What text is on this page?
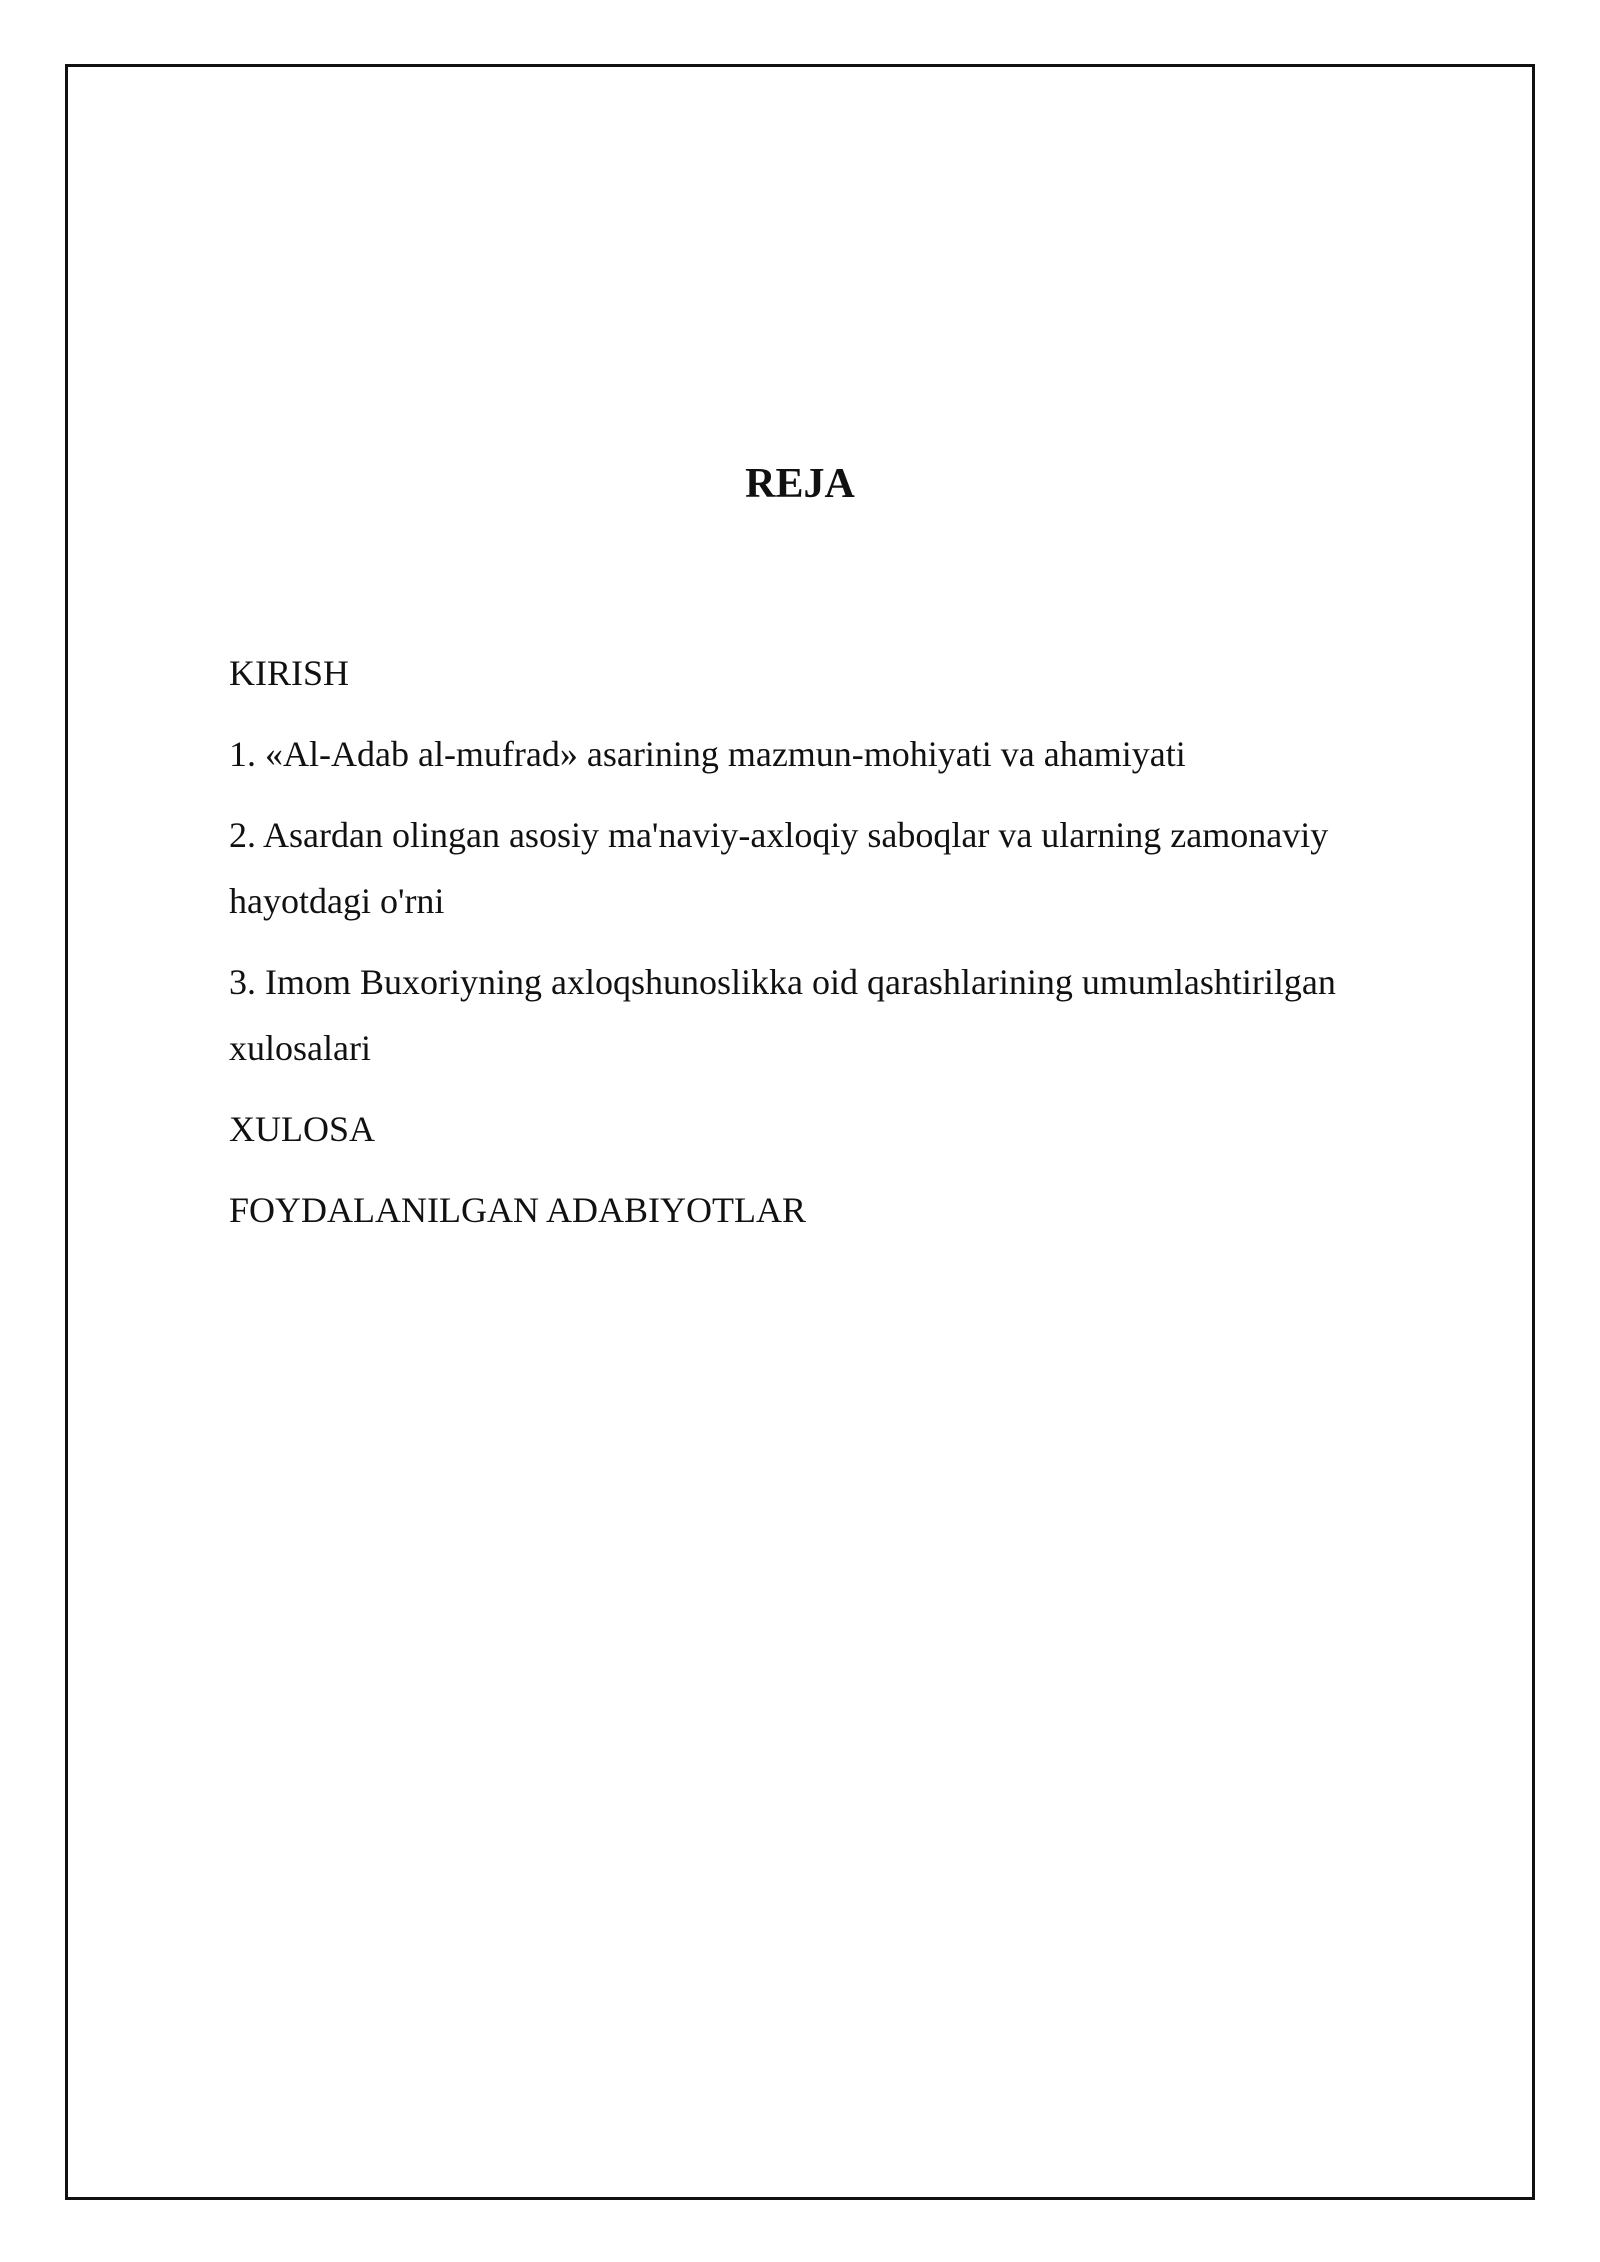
REJA
KIRISH
1. «Al-Adab al-mufrad» asarining mazmun-mohiyati va ahamiyati
2. Asardan olingan asosiy ma'naviy-axloqiy saboqlar va ularning zamonaviy hayotdagi o'rni
3. Imom Buxoriyning axloqshunoslikka oid qarashlarining umumlashtirilgan xulosalari
XULOSA
FOYDALANILGAN ADABIYOTLAR
